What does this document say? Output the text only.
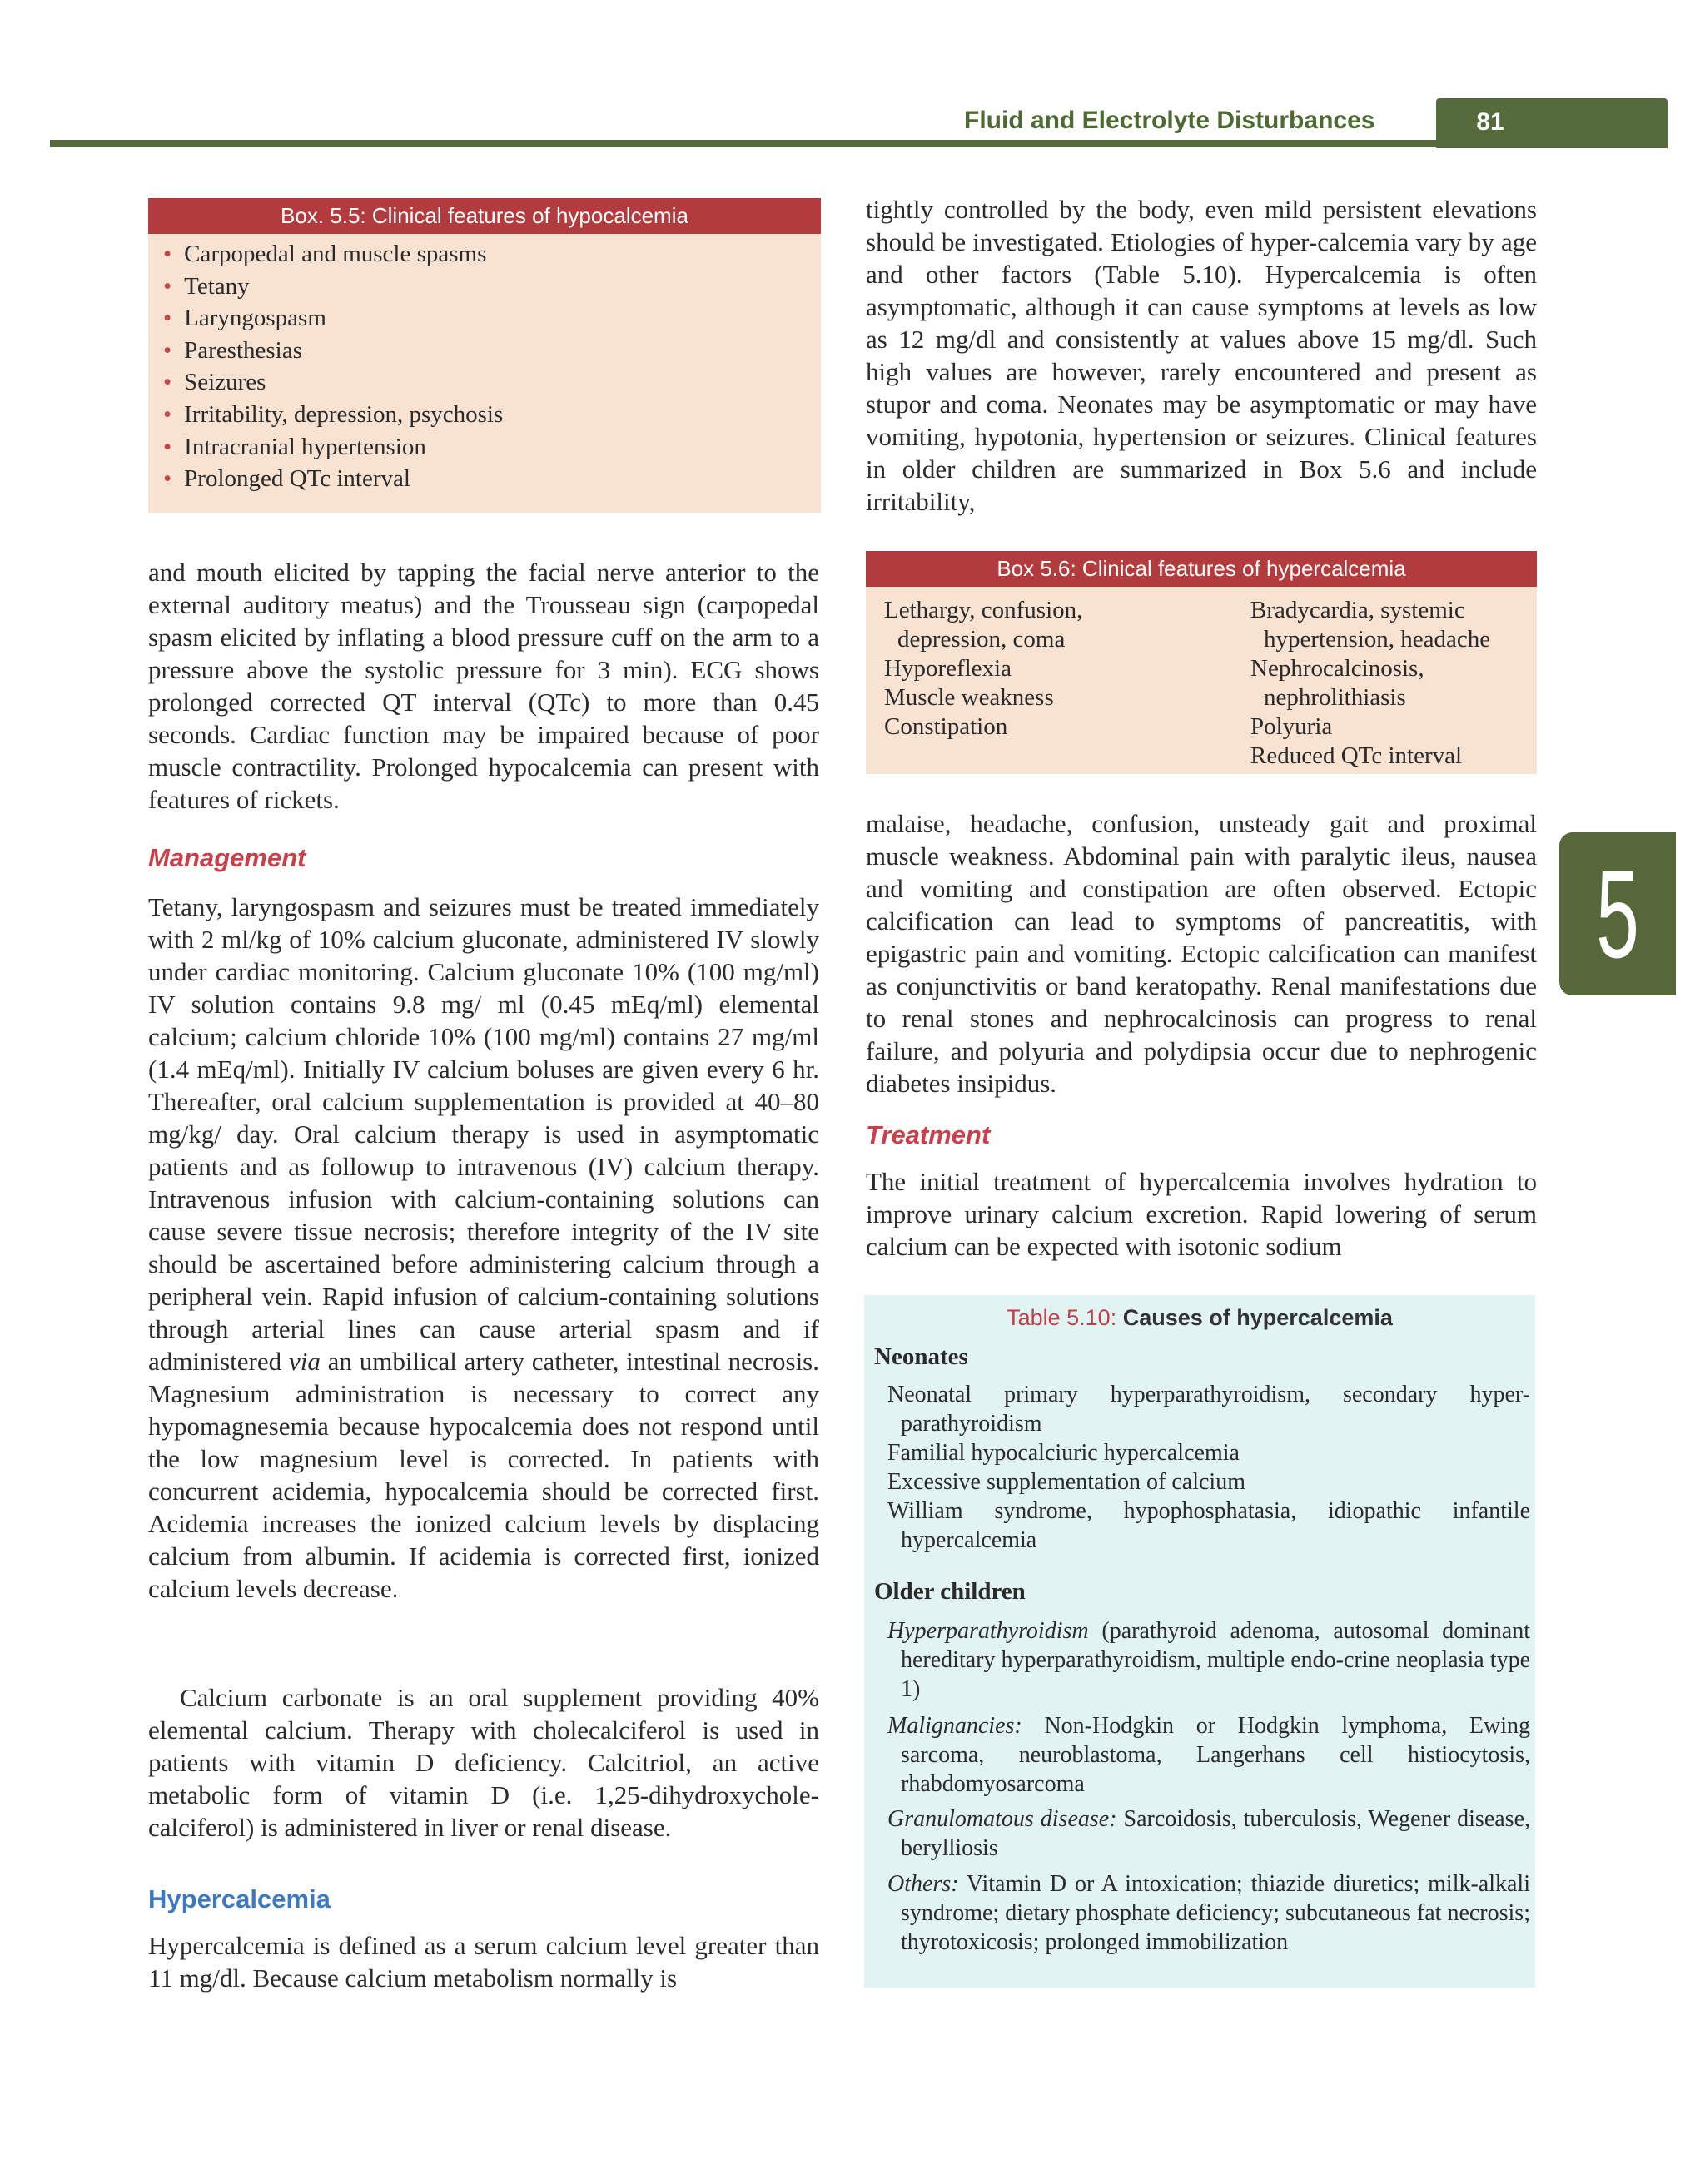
Fluid and Electrolyte Disturbances	81
5
Box. 5.5: Clinical features of hypocalcemia
• Carpopedal and muscle spasms
• Tetany
• Laryngospasm
• Paresthesias
• Seizures
• Irritability, depression, psychosis
• Intracranial hypertension
• Prolonged QTc interval

and mouth elicited by tapping the facial nerve anterior to the external auditory meatus) and the Trousseau sign (carpopedal spasm elicited by inflating a blood pressure cuff on the arm to a pressure above the systolic pressure for 3 min). ECG shows prolonged corrected QT interval (QTc) to more than 0.45 seconds. Cardiac function may be impaired because of poor muscle contractility. Prolonged hypocalcemia can present with features of rickets.

Management

Tetany, laryngospasm and seizures must be treated immediately with 2 ml/kg of 10% calcium gluconate, administered IV slowly under cardiac monitoring. Calcium gluconate 10% (100 mg/ml) IV solution contains 9.8 mg/ ml (0.45 mEq/ml) elemental calcium; calcium chloride 10% (100 mg/ml) contains 27 mg/ml (1.4 mEq/ml). Initially IV calcium boluses are given every 6 hr. Thereafter, oral calcium supplementation is provided at 40–80 mg/kg/ day. Oral calcium therapy is used in asymptomatic patients and as followup to intravenous (IV) calcium therapy. Intravenous infusion with calcium-containing solutions can cause severe tissue necrosis; therefore integrity of the IV site should be ascertained before administering calcium through a peripheral vein. Rapid infusion of calcium-containing solutions through arterial lines can cause arterial spasm and if administered via an umbilical artery catheter, intestinal necrosis. Magnesium administration is necessary to correct any hypomagnesemia because hypocalcemia does not respond until the low magnesium level is corrected. In patients with concurrent acidemia, hypocalcemia should be corrected first. Acidemia increases the ionized calcium levels by displacing calcium from albumin. If acidemia is corrected first, ionized calcium levels decrease.

Calcium carbonate is an oral supplement providing 40% elemental calcium. Therapy with cholecalciferol is used in patients with vitamin D deficiency. Calcitriol, an active metabolic form of vitamin D (i.e. 1,25-dihydroxychole-calciferol) is administered in liver or renal disease.

Hypercalcemia

Hypercalcemia is defined as a serum calcium level greater than 11 mg/dl. Because calcium metabolism normally is

tightly controlled by the body, even mild persistent elevations should be investigated. Etiologies of hyper-calcemia vary by age and other factors (Table 5.10). Hypercalcemia is often asymptomatic, although it can cause symptoms at levels as low as 12 mg/dl and consistently at values above 15 mg/dl. Such high values are however, rarely encountered and present as stupor and coma. Neonates may be asymptomatic or may have vomiting, hypotonia, hypertension or seizures. Clinical features in older children are summarized in Box 5.6 and include irritability,

Box 5.6: Clinical features of hypercalcemia
Lethargy, confusion,
depression, coma
Hyporeflexia
Muscle weakness
Constipation
Bradycardia, systemic
hypertension, headache
Nephrocalcinosis,
nephrolithiasis
Polyuria
Reduced QTc interval

malaise, headache, confusion, unsteady gait and proximal muscle weakness. Abdominal pain with paralytic ileus, nausea and vomiting and constipation are often observed. Ectopic calcification can lead to symptoms of pancreatitis, with epigastric pain and vomiting. Ectopic calcification can manifest as conjunctivitis or band keratopathy. Renal manifestations due to renal stones and nephrocalcinosis can progress to renal failure, and polyuria and polydipsia occur due to nephrogenic diabetes insipidus.

Treatment

The initial treatment of hypercalcemia involves hydration to improve urinary calcium excretion. Rapid lowering of serum calcium can be expected with isotonic sodium

Table 5.10: Causes of hypercalcemia

Neonates

Neonatal primary hyperparathyroidism, secondary hyper-parathyroidism

Familial hypocalciuric hypercalcemia

Excessive supplementation of calcium

William syndrome, hypophosphatasia, idiopathic infantile hypercalcemia

Older children

Hyperparathyroidism (parathyroid adenoma, autosomal dominant hereditary hyperparathyroidism, multiple endo-crine neoplasia type 1)

Malignancies: Non-Hodgkin or Hodgkin lymphoma, Ewing sarcoma, neuroblastoma, Langerhans cell histiocytosis, rhabdomyosarcoma

Granulomatous disease: Sarcoidosis, tuberculosis, Wegener disease, berylliosis

Others: Vitamin D or A intoxication; thiazide diuretics; milk-alkali syndrome; dietary phosphate deficiency; subcutaneous fat necrosis; thyrotoxicosis; prolonged immobilization
